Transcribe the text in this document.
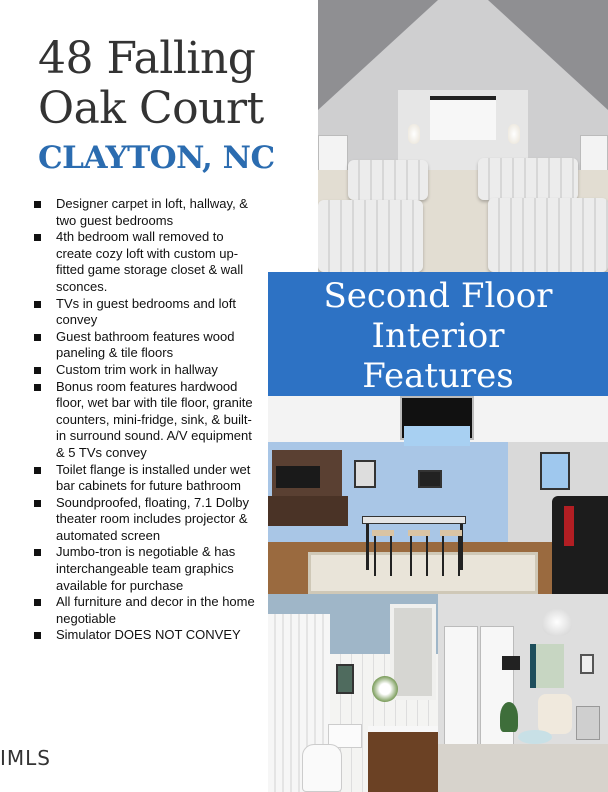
48 Falling
Oak Court
CLAYTON, NC
Designer carpet in loft, hallway, & two guest bedrooms
4th bedroom wall removed to create cozy loft with custom up-fitted game storage closet & wall sconces.
TVs in guest bedrooms and loft convey
Guest bathroom features wood paneling & tile floors
Custom trim work in hallway
Bonus room features hardwood floor, wet bar with tile floor, granite counters, mini-fridge, sink, & built-in surround sound. A/V equipment & 5 TVs convey
Toilet flange is installed under wet bar cabinets for future bathroom
Soundproofed, floating, 7.1 Dolby theater room includes projector & automated screen
Jumbo-tron is negotiable & has interchangeable team graphics available for purchase
All furniture and decor in the home negotiable
Simulator DOES NOT CONVEY
IMLS
Second Floor
Interior
Features
